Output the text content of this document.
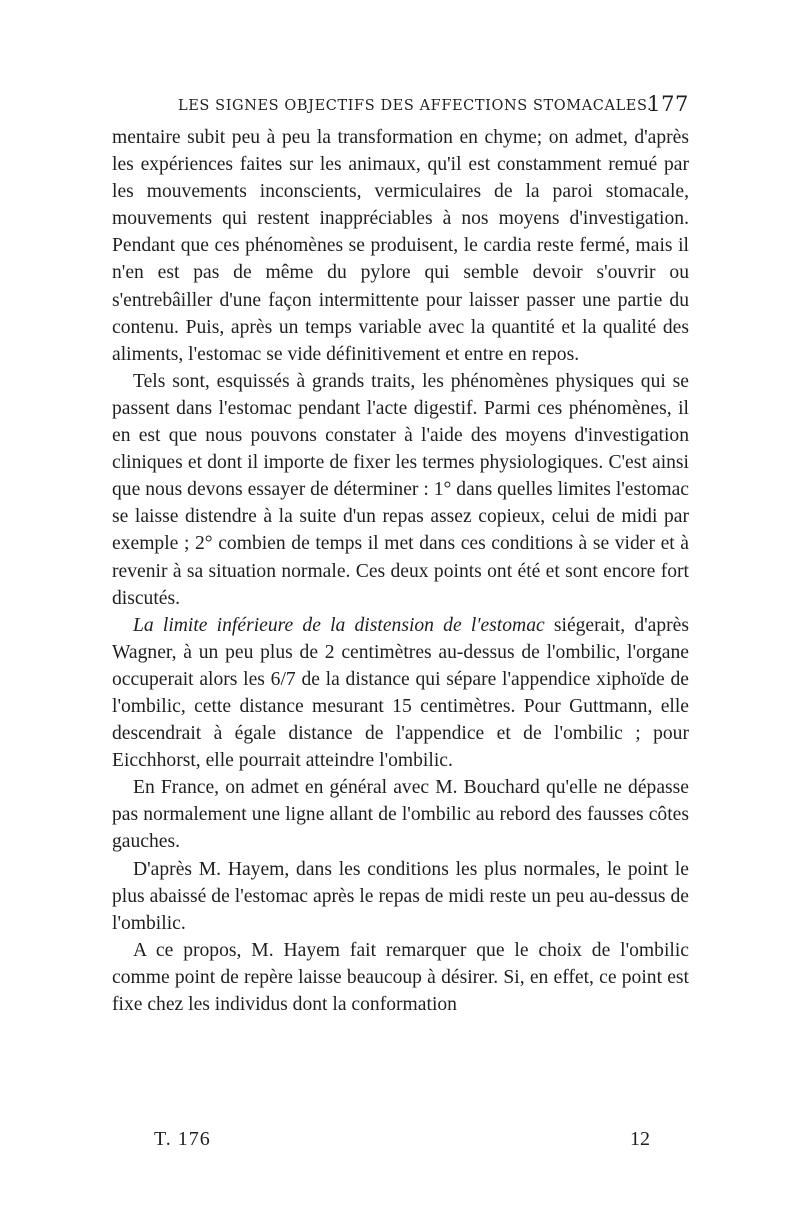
LES SIGNES OBJECTIFS DES AFFECTIONS STOMACALES.
177

mentaire subit peu à peu la transformation en chyme; on admet, d'après les expériences faites sur les animaux, qu'il est constamment remué par les mouvements inconscients, vermiculaires de la paroi stomacale, mouvements qui restent inappréciables à nos moyens d'investigation. Pendant que ces phénomènes se produisent, le cardia reste fermé, mais il n'en est pas de même du pylore qui semble devoir s'ouvrir ou s'entrebâiller d'une façon intermittente pour laisser passer une partie du contenu. Puis, après un temps variable avec la quantité et la qualité des aliments, l'estomac se vide définitivement et entre en repos.

Tels sont, esquissés à grands traits, les phénomènes physiques qui se passent dans l'estomac pendant l'acte digestif. Parmi ces phénomènes, il en est que nous pouvons constater à l'aide des moyens d'investigation cliniques et dont il importe de fixer les termes physiologiques. C'est ainsi que nous devons essayer de déterminer : 1° dans quelles limites l'estomac se laisse distendre à la suite d'un repas assez copieux, celui de midi par exemple ; 2° combien de temps il met dans ces conditions à se vider et à revenir à sa situation normale. Ces deux points ont été et sont encore fort discutés.

La limite inférieure de la distension de l'estomac siégerait, d'après Wagner, à un peu plus de 2 centimètres au-dessus de l'ombilic, l'organe occuperait alors les 6/7 de la distance qui sépare l'appendice xiphoïde de l'ombilic, cette distance mesurant 15 centimètres. Pour Guttmann, elle descendrait à égale distance de l'appendice et de l'ombilic ; pour Eicchhorst, elle pourrait atteindre l'ombilic.

En France, on admet en général avec M. Bouchard qu'elle ne dépasse pas normalement une ligne allant de l'ombilic au rebord des fausses côtes gauches.

D'après M. Hayem, dans les conditions les plus normales, le point le plus abaissé de l'estomac après le repas de midi reste un peu au-dessus de l'ombilic.

A ce propos, M. Hayem fait remarquer que le choix de l'ombilic comme point de repère laisse beaucoup à désirer. Si, en effet, ce point est fixe chez les individus dont la conformation

T. 176	12
